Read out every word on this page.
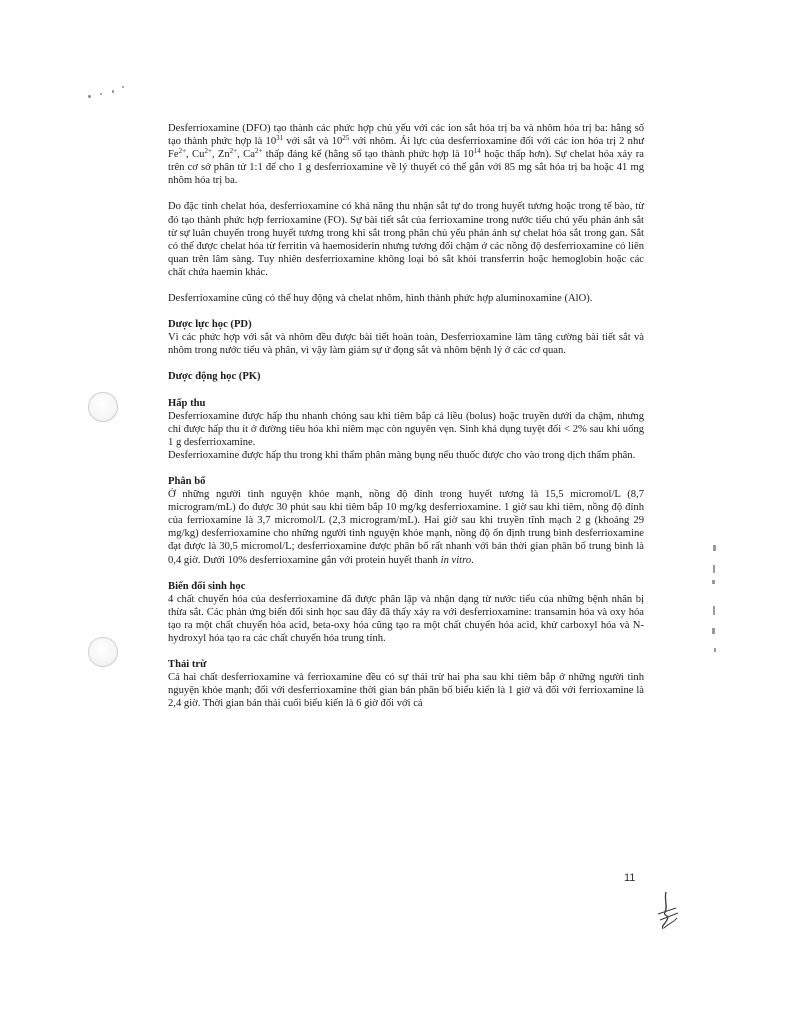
Desferrioxamine (DFO) tạo thành các phức hợp chủ yếu với các ion sắt hóa trị ba và nhôm hóa trị ba: hằng số tạo thành phức hợp là $10^{31}$ với sắt và $10^{25}$ với nhôm. Ái lực của desferrioxamine đối với các ion hóa trị 2 như $Fe^{2+}$, $Cu^{2+}$, $Zn^{2+}$, $Ca^{2+}$ thấp đáng kể (hằng số tạo thành phức hợp là $10^{14}$ hoặc thấp hơn). Sự chelat hóa xảy ra trên cơ sở phân tử 1:1 để cho 1 g desferrioxamine về lý thuyết có thể gắn với 85 mg sắt hóa trị ba hoặc 41 mg nhôm hóa trị ba.

Do đặc tính chelat hóa, desferrioxamine có khả năng thu nhận sắt tự do trong huyết tương hoặc trong tế bào, từ đó tạo thành phức hợp ferrioxamine (FO). Sự bài tiết sắt của ferrioxamine trong nước tiểu chủ yếu phản ánh sắt từ sự luân chuyển trong huyết tương trong khi sắt trong phân chủ yếu phản ánh sự chelat hóa sắt trong gan. Sắt có thể được chelat hóa từ ferritin và haemosiderin nhưng tương đối chậm ở các nồng độ desferrioxamine có liên quan trên lâm sàng. Tuy nhiên desferrioxamine không loại bỏ sắt khỏi transferrin hoặc hemoglobin hoặc các chất chứa haemin khác.

Desferrioxamine cũng có thể huy động và chelat nhôm, hình thành phức hợp aluminoxamine (AlO).

Dược lực học (PD)

Vì các phức hợp với sắt và nhôm đều được bài tiết hoàn toàn, Desferrioxamine làm tăng cường bài tiết sắt và nhôm trong nước tiểu và phân, vì vậy làm giảm sự ứ đọng sắt và nhôm bệnh lý ở các cơ quan.

Dược động học (PK)

Hấp thu

Desferrioxamine được hấp thu nhanh chóng sau khi tiêm bắp cả liều (bolus) hoặc truyền dưới da chậm, nhưng chỉ được hấp thu ít ở đường tiêu hóa khi niêm mạc còn nguyên vẹn. Sinh khả dụng tuyệt đối < 2% sau khi uống 1 g desferrioxamine.

Desferrioxamine được hấp thu trong khi thẩm phân màng bụng nếu thuốc được cho vào trong dịch thẩm phân.

Phân bố

Ở những người tình nguyện khỏe mạnh, nồng độ đỉnh trong huyết tương là 15,5 micromol/L (8,7 microgram/mL) đo được 30 phút sau khi tiêm bắp 10 mg/kg desferrioxamine. 1 giờ sau khi tiêm, nồng độ đỉnh của ferrioxamine là 3,7 micromol/L (2,3 microgram/mL). Hai giờ sau khi truyền tĩnh mạch 2 g (khoảng 29 mg/kg) desferrioxamine cho những người tình nguyện khỏe mạnh, nồng độ ổn định trung bình desferrioxamine đạt được là 30,5 micromol/L; desferrioxamine được phân bố rất nhanh với bán thời gian phân bố trung bình là 0,4 giờ. Dưới 10% desferrioxamine gắn với protein huyết thanh in vitro.

Biến đổi sinh học

4 chất chuyển hóa của desferrioxamine đã được phân lập và nhận dạng từ nước tiểu của những bệnh nhân bị thừa sắt. Các phản ứng biến đổi sinh học sau đây đã thấy xảy ra với desferrioxamine: transamin hóa và oxy hóa tạo ra một chất chuyển hóa acid, beta-oxy hóa cũng tạo ra một chất chuyển hóa acid, khử carboxyl hóa và N-hydroxyl hóa tạo ra các chất chuyển hóa trung tính.

Thải trừ

Cả hai chất desferrioxamine và ferrioxamine đều có sự thải trừ hai pha sau khi tiêm bắp ở những người tình nguyện khỏe mạnh; đối với desferrioxamine thời gian bán phân bố biểu kiến là 1 giờ và đối với ferrioxamine là 2,4 giờ. Thời gian bán thải cuối biểu kiến là 6 giờ đối với cả

11
